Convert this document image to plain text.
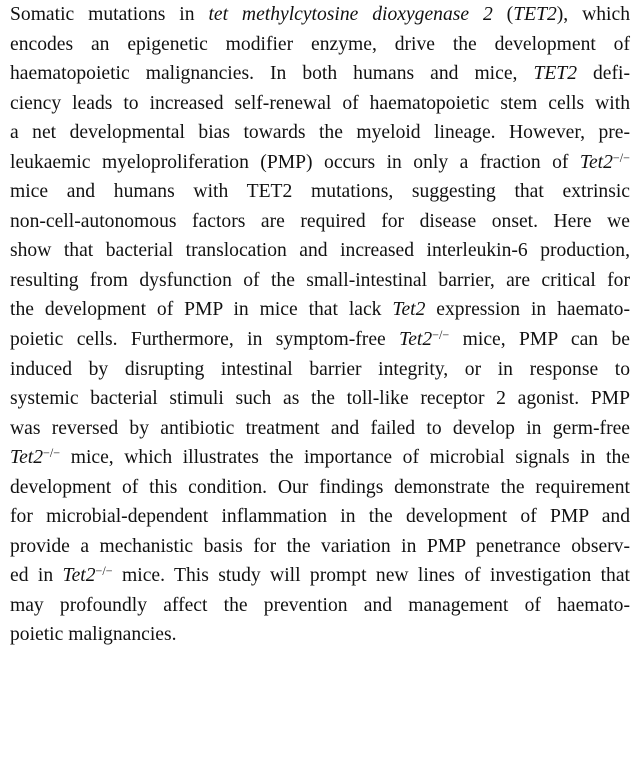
Somatic mutations in tet methylcytosine dioxygenase 2 (TET2), which
encodes an epigenetic modifier enzyme, drive the development of
haematopoietic malignancies. In both humans and mice, TET2 defi-
ciency leads to increased self-renewal of haematopoietic stem cells with
a net developmental bias towards the myeloid lineage. However, pre-
leukaemic myeloproliferation (PMP) occurs in only a fraction of Tet2−/−
mice and humans with TET2 mutations, suggesting that extrinsic
non-cell-autonomous factors are required for disease onset. Here we
show that bacterial translocation and increased interleukin-6 production,
resulting from dysfunction of the small-intestinal barrier, are critical for
the development of PMP in mice that lack Tet2 expression in haemato-
poietic cells. Furthermore, in symptom-free Tet2−/− mice, PMP can be
induced by disrupting intestinal barrier integrity, or in response to
systemic bacterial stimuli such as the toll-like receptor 2 agonist. PMP
was reversed by antibiotic treatment and failed to develop in germ-free
Tet2−/− mice, which illustrates the importance of microbial signals in the
development of this condition. Our findings demonstrate the requirement
for microbial-dependent inflammation in the development of PMP and
provide a mechanistic basis for the variation in PMP penetrance observ-
ed in Tet2−/− mice. This study will prompt new lines of investigation that
may profoundly affect the prevention and management of haemato-
poietic malignancies.
